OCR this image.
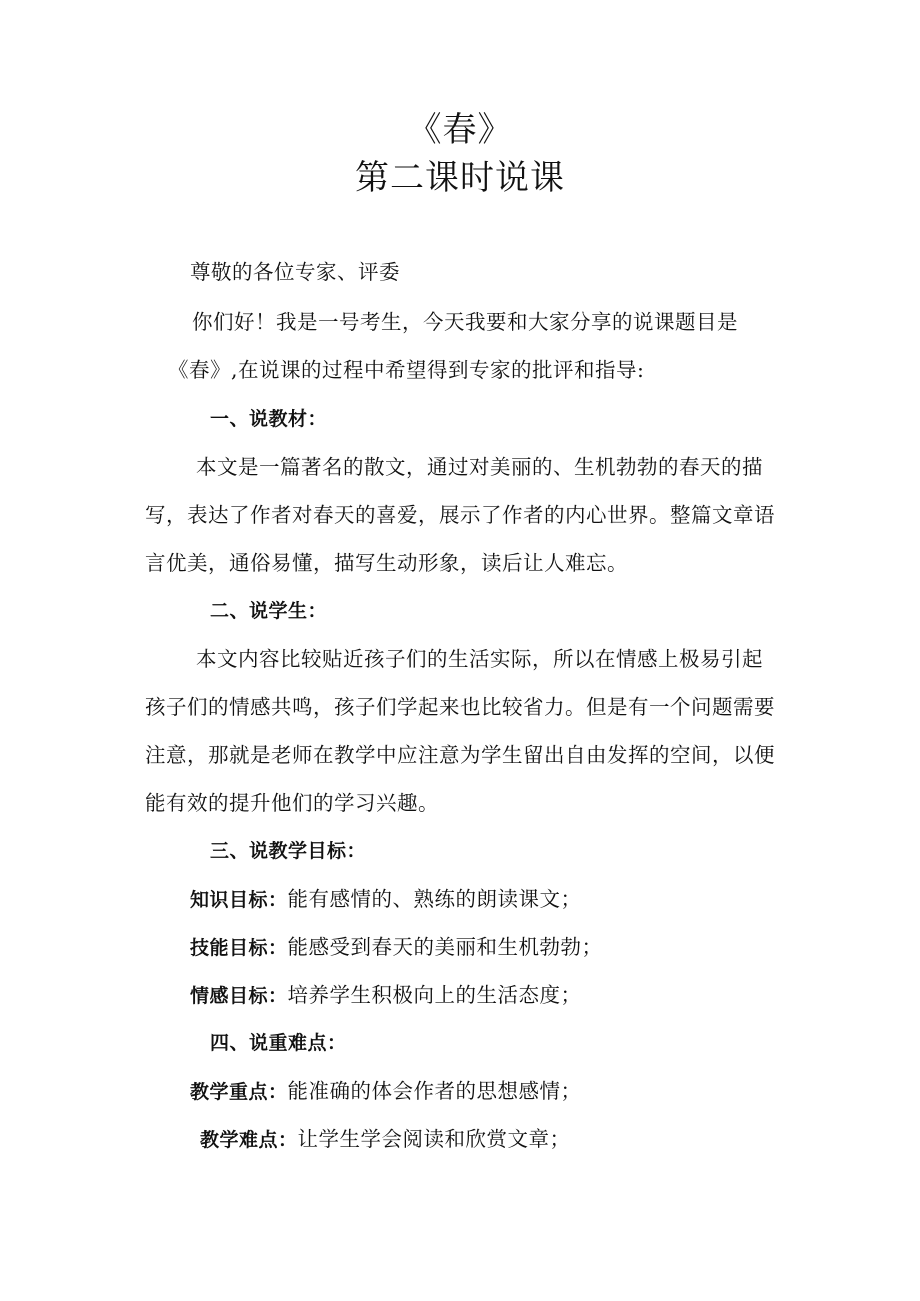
《春》
第二课时说课
尊敬的各位专家、评委
你们好！我是一号考生，今天我要和大家分享的说课题目是
《春》,在说课的过程中希望得到专家的批评和指导:
一、说教材：
本文是一篇著名的散文，通过对美丽的、生机勃勃的春天的描
写，表达了作者对春天的喜爱，展示了作者的内心世界。整篇文章语
言优美，通俗易懂，描写生动形象，读后让人难忘。
二、说学生：
本文内容比较贴近孩子们的生活实际，所以在情感上极易引起
孩子们的情感共鸣，孩子们学起来也比较省力。但是有一个问题需要
注意，那就是老师在教学中应注意为学生留出自由发挥的空间，以便
能有效的提升他们的学习兴趣。
三、说教学目标：
知识目标：能有感情的、熟练的朗读课文；
技能目标：能感受到春天的美丽和生机勃勃；
情感目标：培养学生积极向上的生活态度；
四、说重难点：
教学重点：能准确的体会作者的思想感情；
教学难点：让学生学会阅读和欣赏文章；
